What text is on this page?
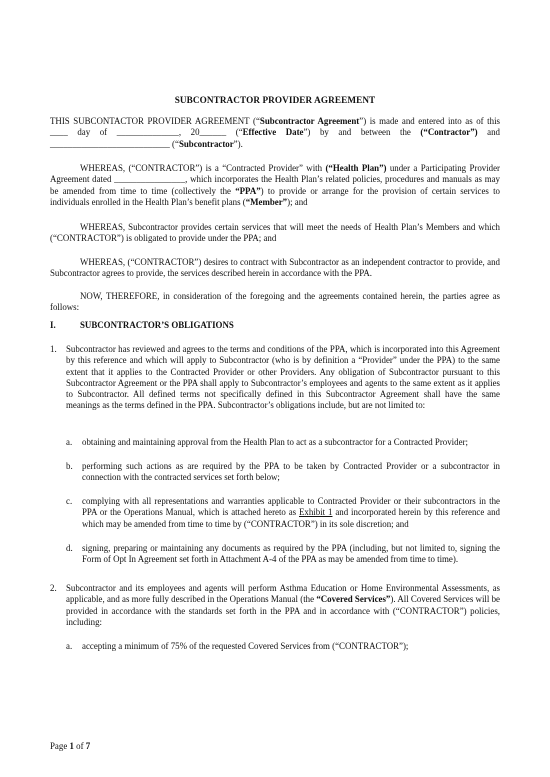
SUBCONTRACTOR PROVIDER AGREEMENT
THIS SUBCONTACTOR PROVIDER AGREEMENT (“Subcontractor Agreement”) is made and entered into as of this ____ day of ______________, 20______ (“Effective Date”) by and between the (“Contractor”) and ___________________________ (“Subcontractor”).
WHEREAS, (“CONTRACTOR”) is a “Contracted Provider” with (“Health Plan”) under a Participating Provider Agreement dated ________________, which incorporates the Health Plan’s related policies, procedures and manuals as may be amended from time to time (collectively the “PPA”) to provide or arrange for the provision of certain services to individuals enrolled in the Health Plan’s benefit plans (“Member”); and
WHEREAS, Subcontractor provides certain services that will meet the needs of Health Plan’s Members and which (“CONTRACTOR”) is obligated to provide under the PPA; and
WHEREAS, (“CONTRACTOR”) desires to contract with Subcontractor as an independent contractor to provide, and Subcontractor agrees to provide, the services described herein in accordance with the PPA.
NOW, THEREFORE, in consideration of the foregoing and the agreements contained herein, the parties agree as follows:
I.	SUBCONTRACTOR’S OBLIGATIONS
1. Subcontractor has reviewed and agrees to the terms and conditions of the PPA, which is incorporated into this Agreement by this reference and which will apply to Subcontractor (who is by definition a “Provider” under the PPA) to the same extent that it applies to the Contracted Provider or other Providers. Any obligation of Subcontractor pursuant to this Subcontractor Agreement or the PPA shall apply to Subcontractor’s employees and agents to the same extent as it applies to Subcontractor. All defined terms not specifically defined in this Subcontractor Agreement shall have the same meanings as the terms defined in the PPA. Subcontractor’s obligations include, but are not limited to:
a. obtaining and maintaining approval from the Health Plan to act as a subcontractor for a Contracted Provider;
b. performing such actions as are required by the PPA to be taken by Contracted Provider or a subcontractor in connection with the contracted services set forth below;
c. complying with all representations and warranties applicable to Contracted Provider or their subcontractors in the PPA or the Operations Manual, which is attached hereto as Exhibit 1 and incorporated herein by this reference and which may be amended from time to time by (“CONTRACTOR”) in its sole discretion; and
d. signing, preparing or maintaining any documents as required by the PPA (including, but not limited to, signing the Form of Opt In Agreement set forth in Attachment A-4 of the PPA as may be amended from time to time).
2. Subcontractor and its employees and agents will perform Asthma Education or Home Environmental Assessments, as applicable, and as more fully described in the Operations Manual (the “Covered Services”). All Covered Services will be provided in accordance with the standards set forth in the PPA and in accordance with (“CONTRACTOR”) policies, including:
a. accepting a minimum of 75% of the requested Covered Services from (“CONTRACTOR”);
Page 1 of 7
